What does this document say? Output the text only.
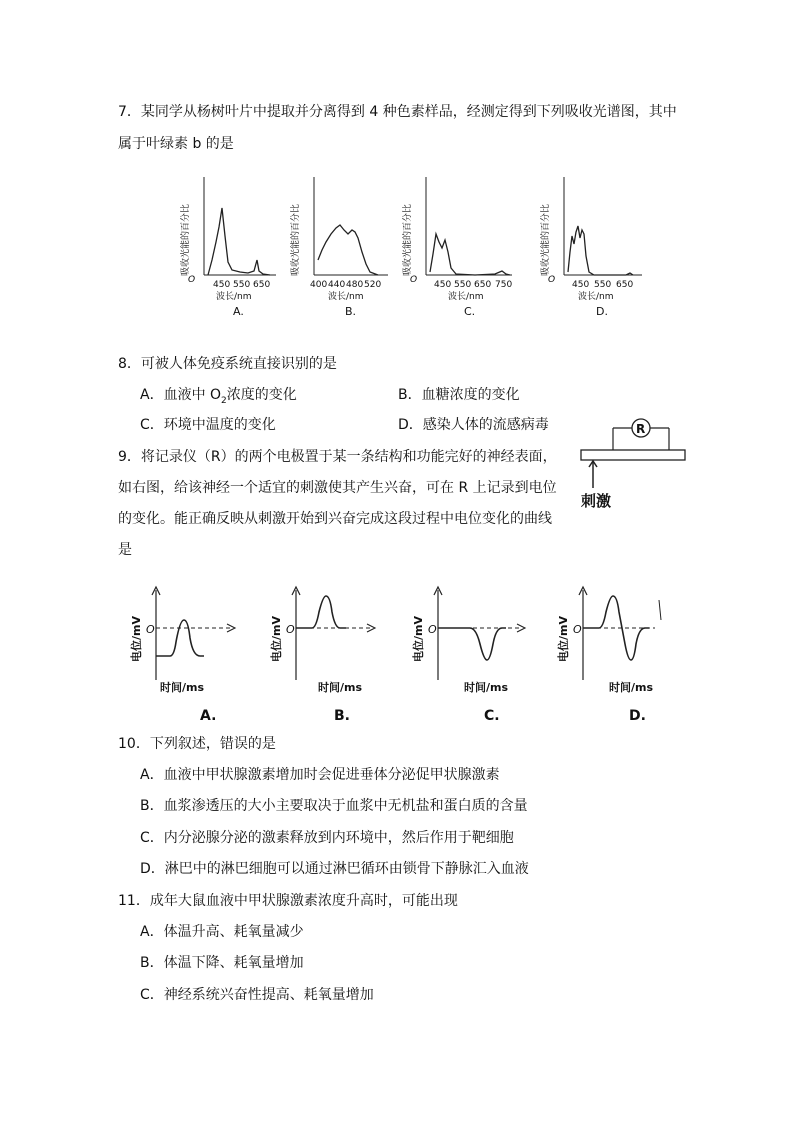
7．某同学从杨树叶片中提取并分离得到 4 种色素样品，经测定得到下列吸收光谱图，其中
属于叶绿素 b 的是
吸收光能的百分比
O 450 550 650
波长/nm
A.
吸收光能的百分比
400 440 480 520
波长/nm
B.
吸收光能的百分比
O 450 550 650 750
波长/nm
C.
吸收光能的百分比
O 450 550 650
波长/nm
D.
8．可被人体免疫系统直接识别的是
A．血液中 $O_2$浓度的变化	B．血糖浓度的变化
C．环境中温度的变化	D．感染人体的流感病毒
9．将记录仪（R）的两个电极置于某一条结构和功能完好的神经表面，
如右图，给该神经一个适宜的刺激使其产生兴奋，可在 R 上记录到电位
的变化。能正确反映从刺激开始到兴奋完成这段过程中电位变化的曲线
是
R
刺激
电位/mV O
时间/ms
A.
电位/mV O
时间/ms
B.
电位/mV O
时间/ms
C.
电位/mV O
时间/ms
D.
10．下列叙述，错误的是
A．血液中甲状腺激素增加时会促进垂体分泌促甲状腺激素
B．血浆渗透压的大小主要取决于血浆中无机盐和蛋白质的含量
C．内分泌腺分泌的激素释放到内环境中，然后作用于靶细胞
D．淋巴中的淋巴细胞可以通过淋巴循环由锁骨下静脉汇入血液
11．成年大鼠血液中甲状腺激素浓度升高时，可能出现
A．体温升高、耗氧量减少
B．体温下降、耗氧量增加
C．神经系统兴奋性提高、耗氧量增加
